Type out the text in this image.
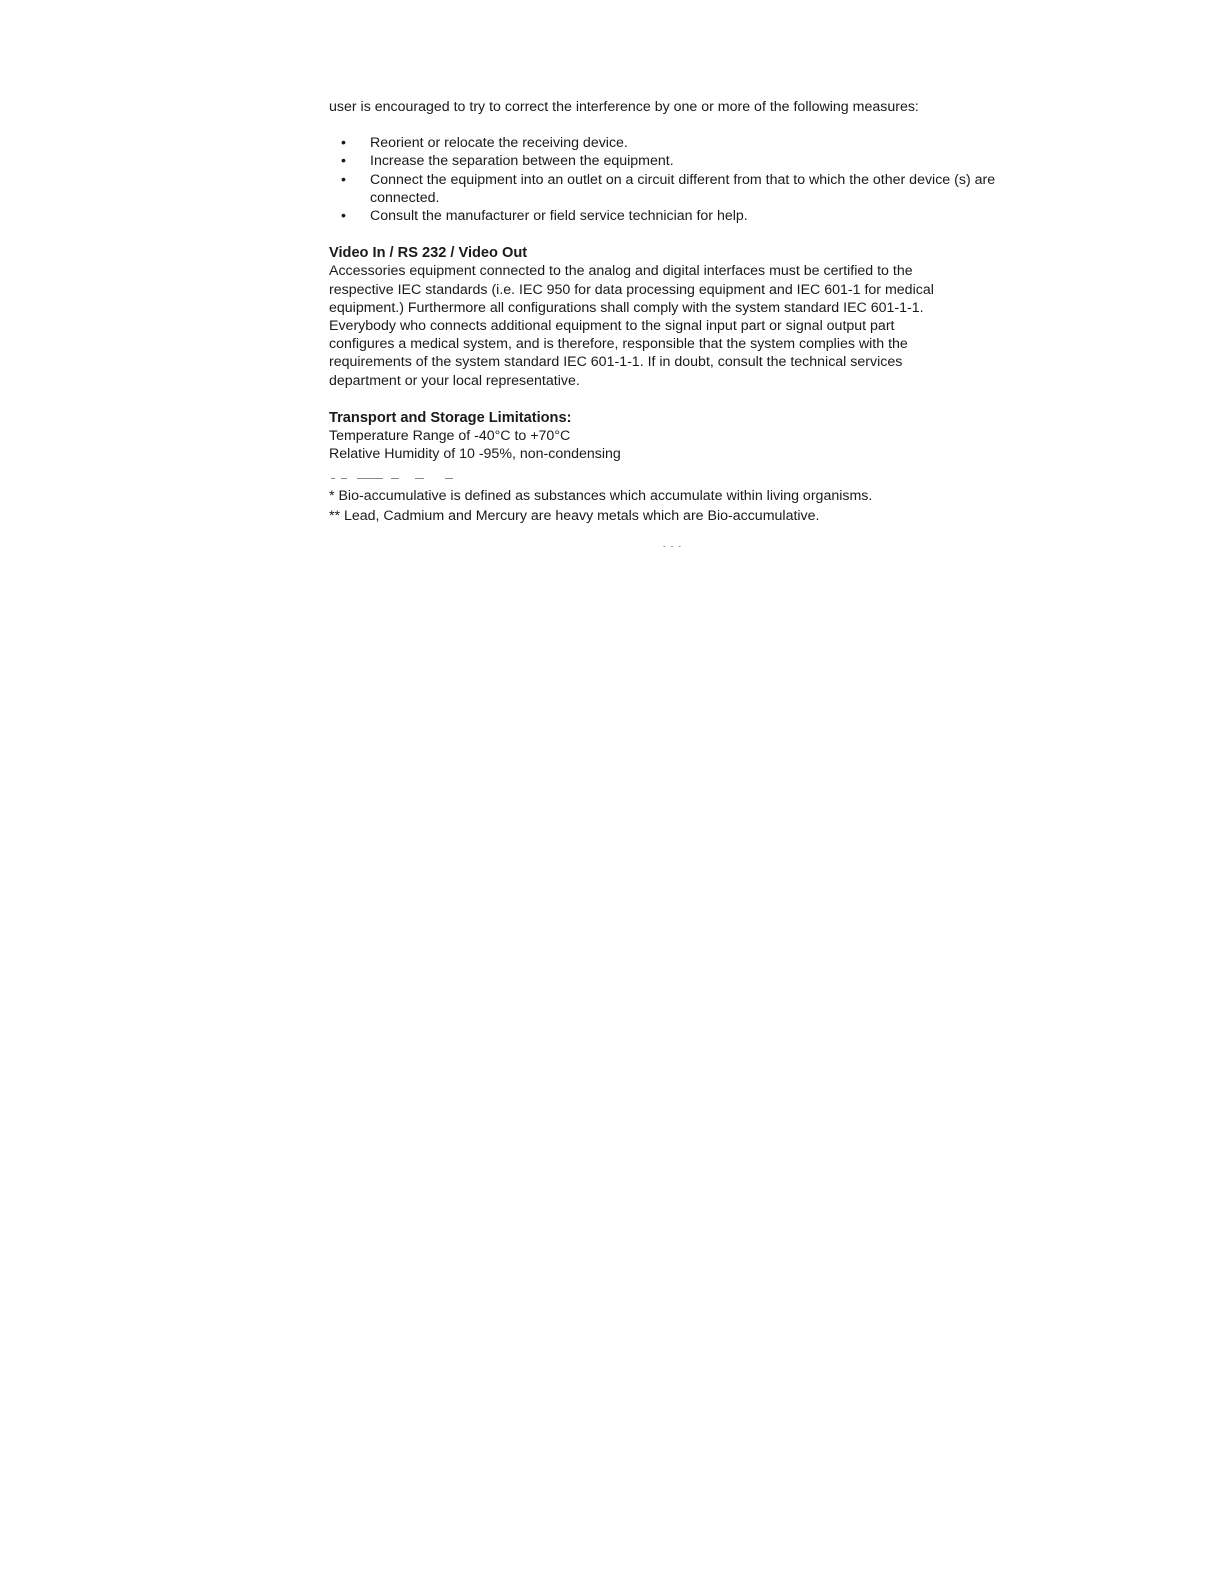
user is encouraged to try to correct the interference by one or more of the following measures:

• Reorient or relocate the receiving device.
• Increase the separation between the equipment.
• Connect the equipment into an outlet on a circuit different from that to which the other device (s) are connected.
• Consult the manufacturer or field service technician for help.
Video In / RS 232 / Video Out

Accessories equipment connected to the analog and digital interfaces must be certified to the
respective IEC standards (i.e. IEC 950 for data processing equipment and IEC 601-1 for medical
equipment.) Furthermore all configurations shall comply with the system standard IEC 601-1-1.
Everybody who connects additional equipment to the signal input part or signal output part
configures a medical system, and is therefore, responsible that the system complies with the
requirements of the system standard IEC 601-1-1. If in doubt, consult the technical services
department or your local representative.

Transport and Storage Limitations:

Temperature Range of -40°C to +70°C
Relative Humidity of 10 -95%, non-condensing

* Bio-accumulative is defined as substances which accumulate within living organisms.
** Lead, Cadmium and Mercury are heavy metals which are Bio-accumulative.
- - -
